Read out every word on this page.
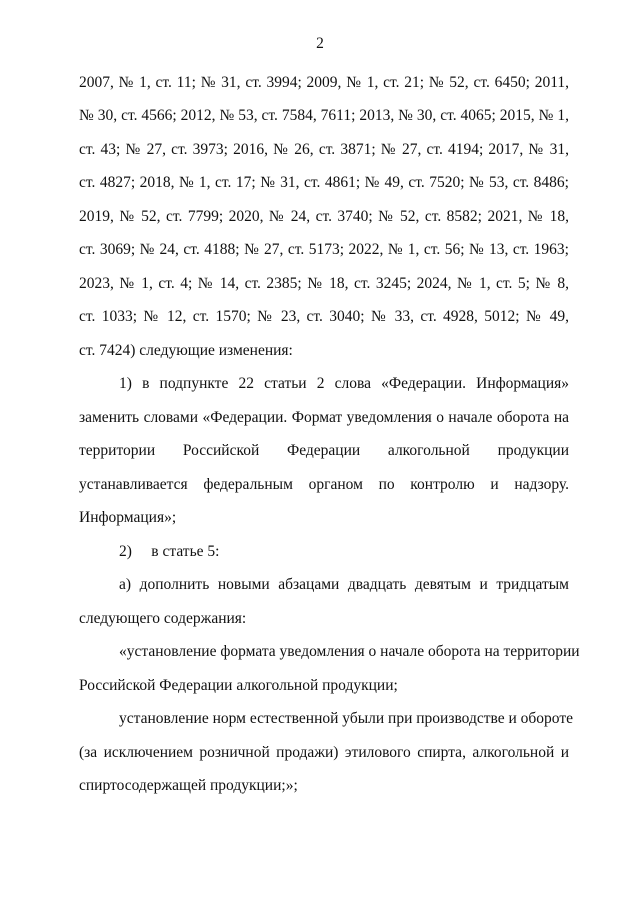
2
2007, № 1, ст. 11; № 31, ст. 3994; 2009, № 1, ст. 21; № 52, ст. 6450; 2011,
№ 30, ст. 4566; 2012, № 53, ст. 7584, 7611; 2013, № 30, ст. 4065; 2015, № 1,
ст. 43; № 27, ст. 3973; 2016, № 26, ст. 3871; № 27, ст. 4194; 2017, № 31,
ст. 4827; 2018, № 1, ст. 17; № 31, ст. 4861; № 49, ст. 7520; № 53, ст. 8486;
2019, № 52, ст. 7799; 2020, № 24, ст. 3740; № 52, ст. 8582; 2021, № 18,
ст. 3069; № 24, ст. 4188; № 27, ст. 5173; 2022, № 1, ст. 56; № 13, ст. 1963;
2023, № 1, ст. 4; № 14, ст. 2385; № 18, ст. 3245; 2024, № 1, ст. 5; № 8,
ст. 1033; № 12, ст. 1570; № 23, ст. 3040; № 33, ст. 4928, 5012; № 49,
ст. 7424) следующие изменения:
1) в подпункте 22 статьи 2 слова «Федерации. Информация»
заменить словами «Федерации. Формат уведомления о начале оборота на
территории Российской Федерации алкогольной продукции
устанавливается федеральным органом по контролю и надзору.
Информация»;
2)     в статье 5:
а) дополнить новыми абзацами двадцать девятым и тридцатым
следующего содержания:
«установление формата уведомления о начале оборота на территории
Российской Федерации алкогольной продукции;
установление норм естественной убыли при производстве и обороте
(за исключением розничной продажи) этилового спирта, алкогольной и
спиртосодержащей продукции;»;
